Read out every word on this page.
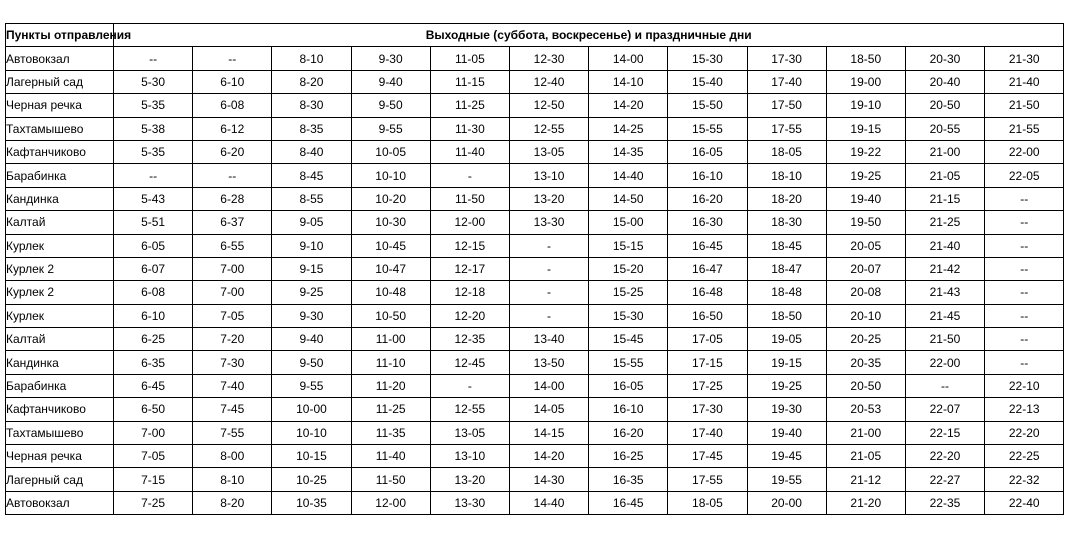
Пункты отправления	Выходные (суббота, воскресенье) и праздничные дни											
Автовокзал	--	--	8-10	9-30	11-05	12-30	14-00	15-30	17-30	18-50	20-30	21-30
Лагерный сад	5-30	6-10	8-20	9-40	11-15	12-40	14-10	15-40	17-40	19-00	20-40	21-40
Черная речка	5-35	6-08	8-30	9-50	11-25	12-50	14-20	15-50	17-50	19-10	20-50	21-50
Тахтамышево	5-38	6-12	8-35	9-55	11-30	12-55	14-25	15-55	17-55	19-15	20-55	21-55
Кафтанчиково	5-35	6-20	8-40	10-05	11-40	13-05	14-35	16-05	18-05	19-22	21-00	22-00
Барабинка	--	--	8-45	10-10	-	13-10	14-40	16-10	18-10	19-25	21-05	22-05
Кандинка	5-43	6-28	8-55	10-20	11-50	13-20	14-50	16-20	18-20	19-40	21-15	--
Калтай	5-51	6-37	9-05	10-30	12-00	13-30	15-00	16-30	18-30	19-50	21-25	--
Курлек	6-05	6-55	9-10	10-45	12-15	-	15-15	16-45	18-45	20-05	21-40	--
Курлек 2	6-07	7-00	9-15	10-47	12-17	-	15-20	16-47	18-47	20-07	21-42	--
Курлек 2	6-08	7-00	9-25	10-48	12-18	-	15-25	16-48	18-48	20-08	21-43	--
Курлек	6-10	7-05	9-30	10-50	12-20	-	15-30	16-50	18-50	20-10	21-45	--
Калтай	6-25	7-20	9-40	11-00	12-35	13-40	15-45	17-05	19-05	20-25	21-50	--
Кандинка	6-35	7-30	9-50	11-10	12-45	13-50	15-55	17-15	19-15	20-35	22-00	--
Барабинка	6-45	7-40	9-55	11-20	-	14-00	16-05	17-25	19-25	20-50	--	22-10
Кафтанчиково	6-50	7-45	10-00	11-25	12-55	14-05	16-10	17-30	19-30	20-53	22-07	22-13
Тахтамышево	7-00	7-55	10-10	11-35	13-05	14-15	16-20	17-40	19-40	21-00	22-15	22-20
Черная речка	7-05	8-00	10-15	11-40	13-10	14-20	16-25	17-45	19-45	21-05	22-20	22-25
Лагерный сад	7-15	8-10	10-25	11-50	13-20	14-30	16-35	17-55	19-55	21-12	22-27	22-32
Автовокзал	7-25	8-20	10-35	12-00	13-30	14-40	16-45	18-05	20-00	21-20	22-35	22-40
